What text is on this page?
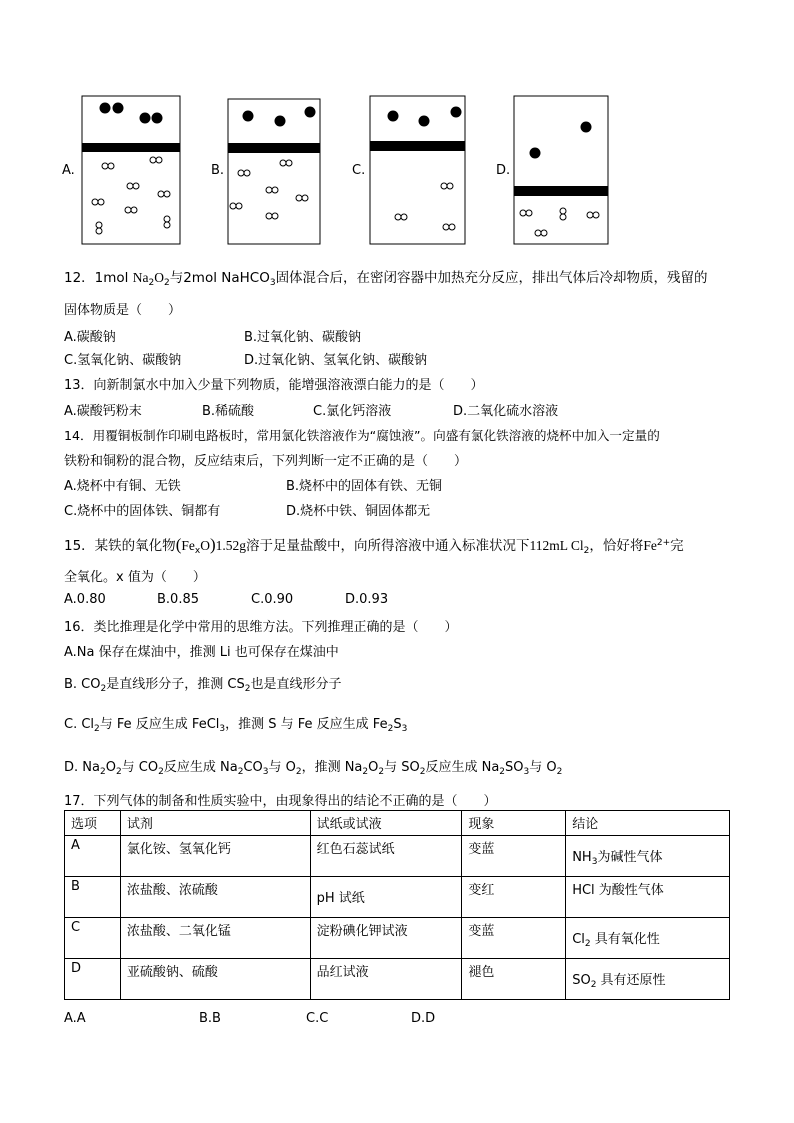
A.	B.	C.	D.
12．1mol $Na_2O_2$与2mol NaHCO$_3$固体混合后，在密闭容器中加热充分反应，排出气体后冷却物质，残留的
固体物质是（　　）
A.碳酸钠	B.过氧化钠、碳酸钠
C.氢氧化钠、碳酸钠	D.过氧化钠、氢氧化钠、碳酸钠
13．向新制氯水中加入少量下列物质，能增强溶液漂白能力的是（　　）
A.碳酸钙粉末	B.稀硫酸	C.氯化钙溶液	D.二氧化硫水溶液
14．用覆铜板制作印刷电路板时，常用氯化铁溶液作为“腐蚀液”。向盛有氯化铁溶液的烧杯中加入一定量的
铁粉和铜粉的混合物，反应结束后，下列判断一定不正确的是（　　）
A.烧杯中有铜、无铁	B.烧杯中的固体有铁、无铜
C.烧杯中的固体铁、铜都有	D.烧杯中铁、铜固体都无
15．某铁的氧化物$(Fe_xO)1.52g$溶于足量盐酸中，向所得溶液中通入标准状况下112mL $Cl_2$，恰好将$Fe^{2+}$完
全氧化。x 值为（　　）
A.0.80	B.0.85	C.0.90	D.0.93
16．类比推理是化学中常用的思维方法。下列推理正确的是（　　）
A.Na 保存在煤油中，推测 Li 也可保存在煤油中
B. $CO_2$是直线形分子，推测 $CS_2$也是直线形分子
C. $Cl_2$与 Fe 反应生成 FeCl$_3$，推测 S 与 Fe 反应生成 $Fe_2S_3$
D. $Na_2O_2$与 $CO_2$反应生成 $Na_2CO_3$与 $O_2$，推测 $Na_2O_2$与 $SO_2$反应生成 $Na_2SO_3$与 $O_2$
17．下列气体的制备和性质实验中，由现象得出的结论不正确的是（　　）
选项	试剂	试纸或试液	现象	结论
A	氯化铵、氢氧化钙	红色石蕊试纸	变蓝	$NH_3$为碱性气体

B	浓盐酸、浓硫酸	pH 试纸	变红	HCl 为酸性气体
C	浓盐酸、二氧化锰	淀粉碘化钾试液	变蓝	$Cl_2$ 具有氧化性

D	亚硫酸钠、硫酸	品红试液	褪色	$SO_2$ 具有还原性
A.A	B.B	C.C	D.D
